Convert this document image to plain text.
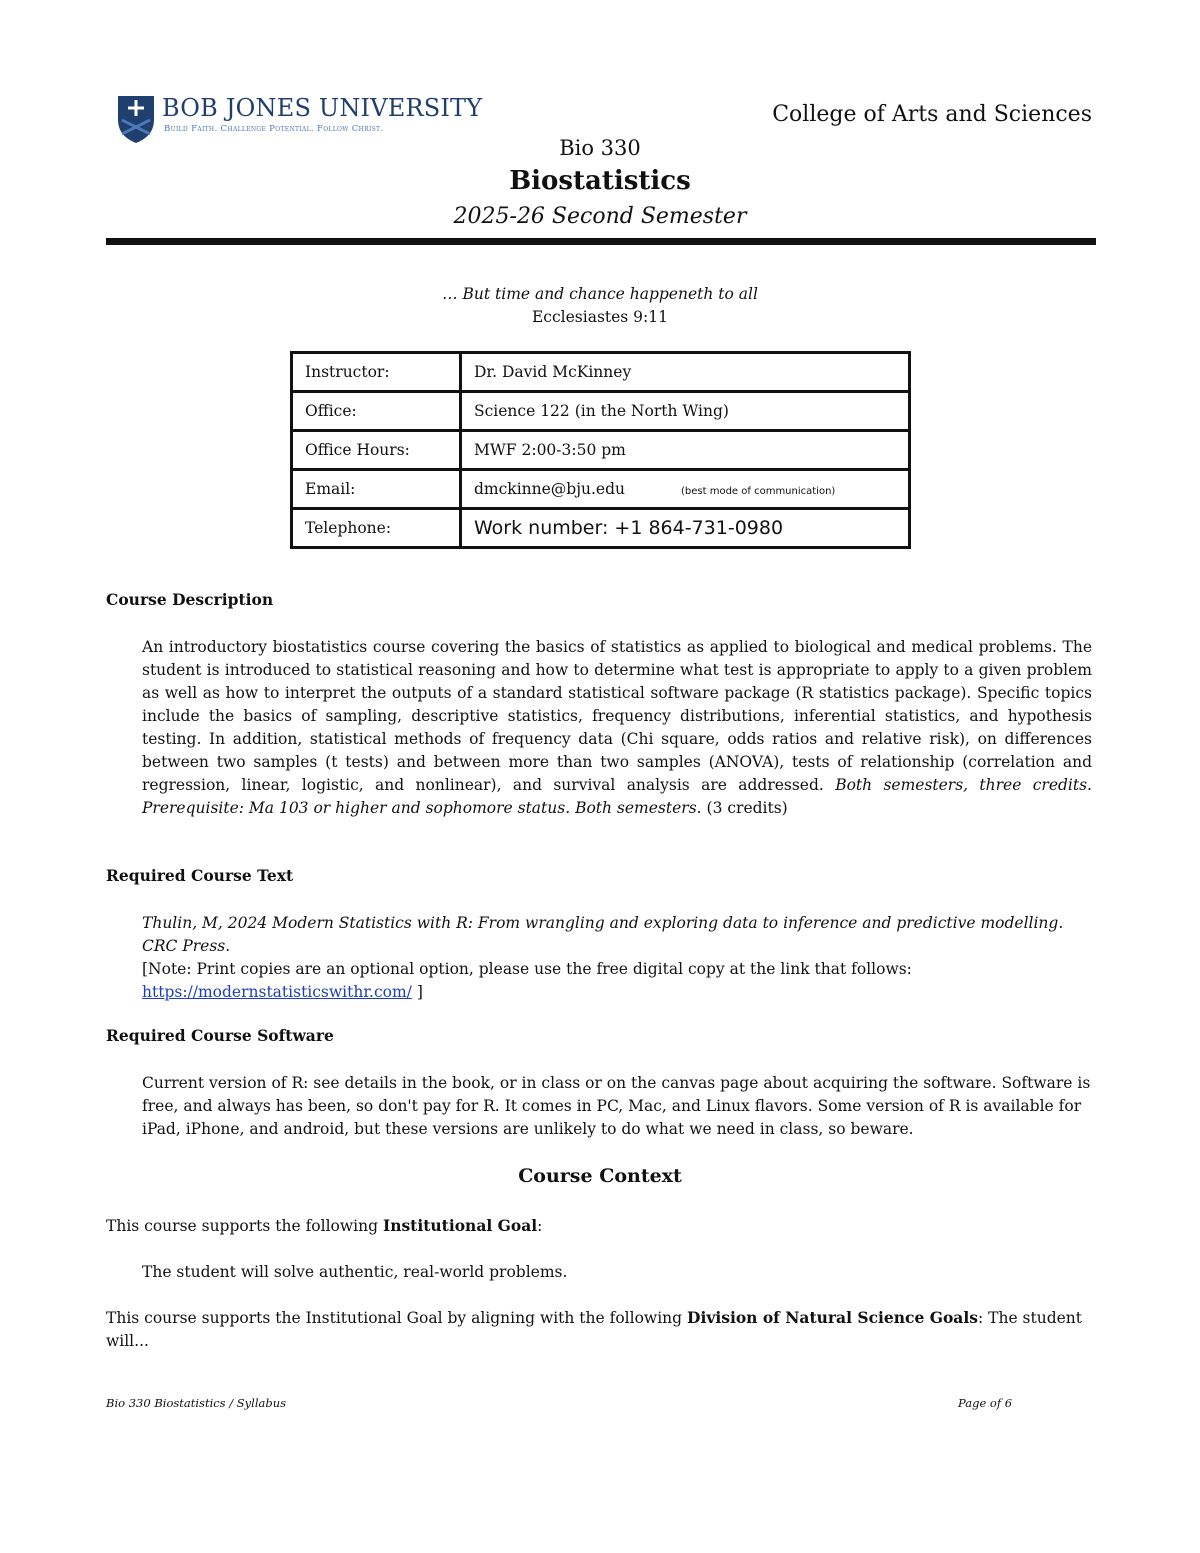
BOB JONES UNIVERSITY
Build Faith. Challenge Potential. Follow Christ.
College of Arts and Sciences
Bio 330
Biostatistics
2025-26 Second Semester
… But time and chance happeneth to all
Ecclesiastes 9:11
Instructor:	Dr. David McKinney
Office:	Science 122 (in the North Wing)
Office Hours:	MWF 2:00-3:50 pm
Email:	dmckinne@bju.edu (best mode of communication)
Telephone:	Work number: +1 864-731-0980
Course Description

An introductory biostatistics course covering the basics of statistics as applied to biological and medical problems. The student is introduced to statistical reasoning and how to determine what test is appropriate to apply to a given problem as well as how to interpret the outputs of a standard statistical software package (R statistics package). Specific topics include the basics of sampling, descriptive statistics, frequency distributions, inferential statistics, and hypothesis testing. In addition, statistical methods of frequency data (Chi square, odds ratios and relative risk), on differences between two samples (t tests) and between more than two samples (ANOVA), tests of relationship (correlation and regression, linear, logistic, and nonlinear), and survival analysis are addressed. Both semesters, three credits. Prerequisite: Ma 103 or higher and sophomore status. Both semesters. (3 credits)

Required Course Text
Thulin, M, 2024 Modern Statistics with R: From wrangling and exploring data to inference and predictive modelling. CRC Press.
[Note: Print copies are an optional option, please use the free digital copy at the link that follows:
https://modernstatisticswithr.com/ ]
Required Course Software

Current version of R: see details in the book, or in class or on the canvas page about acquiring the software. Software is free, and always has been, so don't pay for R. It comes in PC, Mac, and Linux flavors. Some version of R is available for iPad, iPhone, and android, but these versions are unlikely to do what we need in class, so beware.

Course Context

This course supports the following Institutional Goal:

The student will solve authentic, real-world problems.

This course supports the Institutional Goal by aligning with the following Division of Natural Science Goals: The student will...

Bio 330 Biostatistics / Syllabus	Page of 6
